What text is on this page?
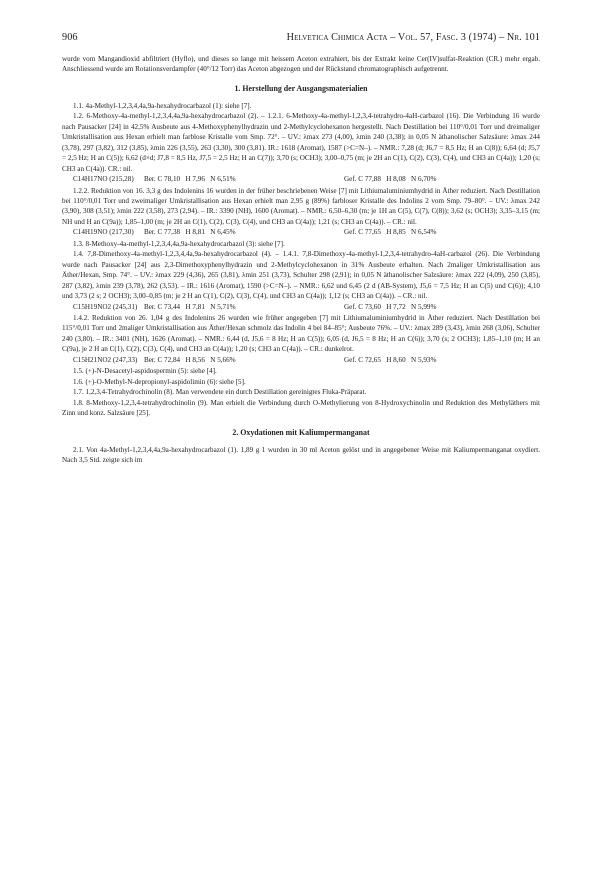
906	Helvetica Chimica Acta – Vol. 57, Fasc. 3 (1974) – Nr. 101

wurde vom Mangandioxid abfiltriert (Hyflo), und dieses so lange mit heissem Aceton extrahiert, bis der Extrakt keine Cer(IV)sulfat-Reaktion (CR.) mehr ergab. Anschliessend wurde am Rotationsverdampfer (40°/12 Torr) das Aceton abgezogen und der Rückstand chromatographisch aufgetrennt.

1. Herstellung der Ausgangsmaterialien

1.1. 4a-Methyl-1,2,3,4,4a,9a-hexahydrocarbazol (1): siehe [7].

1.2. 6-Methoxy-4a-methyl-1,2,3,4,4a,9a-hexahydrocarbazol (2). – 1.2.1. 6-Methoxy-4a-methyl-1,2,3,4-tetrahydro-4aH-carbazol (16). Die Verbindung 16 wurde nach Pausacker [24] in 42,5% Ausbeute aus 4-Methoxyphenylhydrazin und 2-Methylcyclohexanon hergestellt. Nach Destillation bei 110°/0,01 Torr und dreimaliger Umkristallisation aus Hexan erhielt man farblose Kristalle vom Smp. 72°. – UV.: λmax 273 (4,00), λmin 240 (3,38); in 0,05 N äthanolischer Salzsäure: λmax 244 (3,78), 297 (3,82), 312 (3,85), λmin 226 (3,55), 263 (3,30), 300 (3,81). IR.: 1618 (Aromat), 1587 (>C=N–). – NMR.: 7,28 (d; J6,7 = 8,5 Hz; H an C(8)); 6,64 (d; J5,7 = 2,5 Hz; H an C(5)); 6,62 (d×d; J7,8 = 8,5 Hz, J7,5 = 2,5 Hz; H an C(7)); 3,70 (s; OCH3); 3,00–0,75 (m; je 2H an C(1), C(2), C(3), C(4), und CH3 an C(4a)); 1,20 (s; CH3 an C(4a)). CR.: nil.

C14H17NO (215,28) Ber. C 78,10   H 7,96   N 6,51%	Gef. C 77,88   H 8,08   N 6,70%

1.2.2. Reduktion von 16. 3,3 g des Indolenins 16 wurden in der früher beschriebenen Weise [7] mit Lithiumaluminiumhydrid in Äther reduziert. Nach Destillation bei 110°/0,01 Torr und zweimaliger Umkristallisation aus Hexan erhielt man 2,95 g (89%) farbloser Kristalle des Indolins 2 vom Smp. 79–80°. – UV.: λmax 242 (3,90), 308 (3,51); λmin 222 (3,58), 273 (2,94). – IR.: 3390 (NH), 1600 (Aromat). – NMR.: 6,50–6,30 (m; je 1H an C(5), C(7), C(8)); 3,62 (s; OCH3); 3,35–3,15 (m; NH und H an C(9a)); 1,85–1,00 (m; je 2H an C(1), C(2), C(3), C(4), und CH3 an C(4a)); 1,21 (s; CH3 an C(4a)). – CR.: nil.

C14H19NO (217,30) Ber. C 77,38   H 8,81   N 6,45%	Gef. C 77,65   H 8,85   N 6,54%

1.3. 8-Methoxy-4a-methyl-1,2,3,4,4a,9a-hexahydrocarbazol (3): siehe [7].

1.4. 7,8-Dimethoxy-4a-methyl-1,2,3,4,4a,9a-hexahydrocarbazol (4). – 1.4.1. 7,8-Dimethoxy-4a-methyl-1,2,3,4-tetrahydro-4aH-carbazol (26). Die Verbindung wurde nach Pausacker [24] aus 2,3-Dimethoxyphenylhydrazin und 2-Methylcyclohexanon in 31% Ausbeute erhalten. Nach 2maliger Umkristallisation aus Äther/Hexan, Smp. 74°. – UV.: λmax 229 (4,36), 265 (3,81), λmin 251 (3,73), Schulter 298 (2,91); in 0,05 N äthanolischer Salzsäure: λmax 222 (4,09), 250 (3,85), 287 (3,82), λmin 239 (3,78), 262 (3,53). – IR.: 1616 (Aromat), 1590 (>C=N–). – NMR.: 6,62 und 6,45 (2 d (AB-System), J5,6 = 7,5 Hz; H an C(5) und C(6)); 4,10 und 3,73 (2 s; 2 OCH3); 3,00–0,85 (m; je 2 H an C(1), C(2), C(3), C(4), und CH3 an C(4a)); 1,12 (s; CH3 an C(4a)). – CR.: nil.

C15H19NO2 (245,31) Ber. C 73,44   H 7,81   N 5,71%	Gef. C 73,60   H 7,72   N 5,99%

1.4.2. Reduktion von 26. 1,04 g des Indolenins 26 wurden wie früher angegeben [7] mit Lithiumaluminiumhydrid in Äther reduziert. Nach Destillation bei 115°/0,01 Torr und 2maliger Umkristallisation aus Äther/Hexan schmolz das Indolin 4 bei 84–85°; Ausbeute 76%. – UV.: λmax 289 (3,43), λmin 268 (3,06), Schulter 240 (3,80). – IR.: 3401 (NH), 1626 (Aromat). – NMR.: 6,44 (d, J5,6 = 8 Hz; H an C(5)); 6,05 (d, J6,5 = 8 Hz; H an C(6)); 3,70 (s; 2 OCH3); 1,85–1,10 (m; H an C(9a), je 2 H an C(1), C(2), C(3), C(4), und CH3 an C(4a)); 1,20 (s; CH3 an C(4a)). – CR.: dunkelrot.

C15H21NO2 (247,33) Ber. C 72,84   H 8,56   N 5,66%	Gef. C 72,65   H 8,60   N 5,93%

1.5. (+)-N-Desacetyl-aspidospermin (5): siehe [4].

1.6. (+)-O-Methyl-N-depropionyl-aspidolimin (6): siehe [5].

1.7. 1,2,3,4-Tetrahydrochinolin (8). Man verwendete ein durch Destillation gereinigtes Fluka-Präparat.

1.8. 8-Methoxy-1,2,3,4-tetrahydrochinolin (9). Man erhielt die Verbindung durch O-Methylierung von 8-Hydroxychinolin und Reduktion des Methyläthers mit Zinn und konz. Salzsäure [25].

2. Oxydationen mit Kaliumpermanganat

2.1. Von 4a-Methyl-1,2,3,4,4a,9a-hexahydrocarbazol (1). 1,89 g 1 wurden in 30 ml Aceton gelöst und in angegebener Weise mit Kaliumpermanganat oxydiert. Nach 3,5 Std. zeigte sich im
